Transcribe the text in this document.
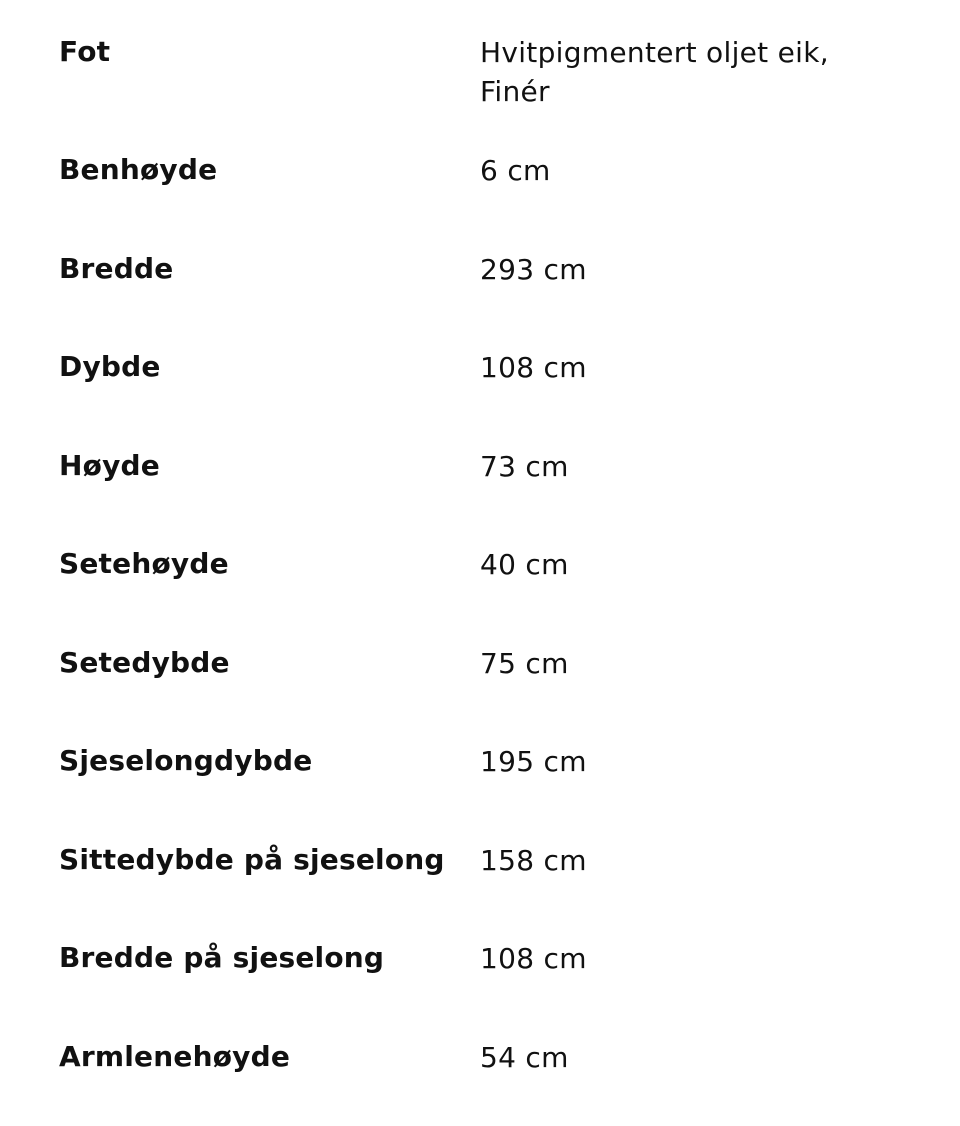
Fot	Hvitpigmentert oljet eik,
Finér
Benhøyde	6 cm
Bredde	293 cm
Dybde	108 cm
Høyde	73 cm
Setehøyde	40 cm
Setedybde	75 cm
Sjeselongdybde	195 cm
Sittedybde på sjeselong 158 cm
Bredde på sjeselong	108 cm
Armlenehøyde	54 cm
